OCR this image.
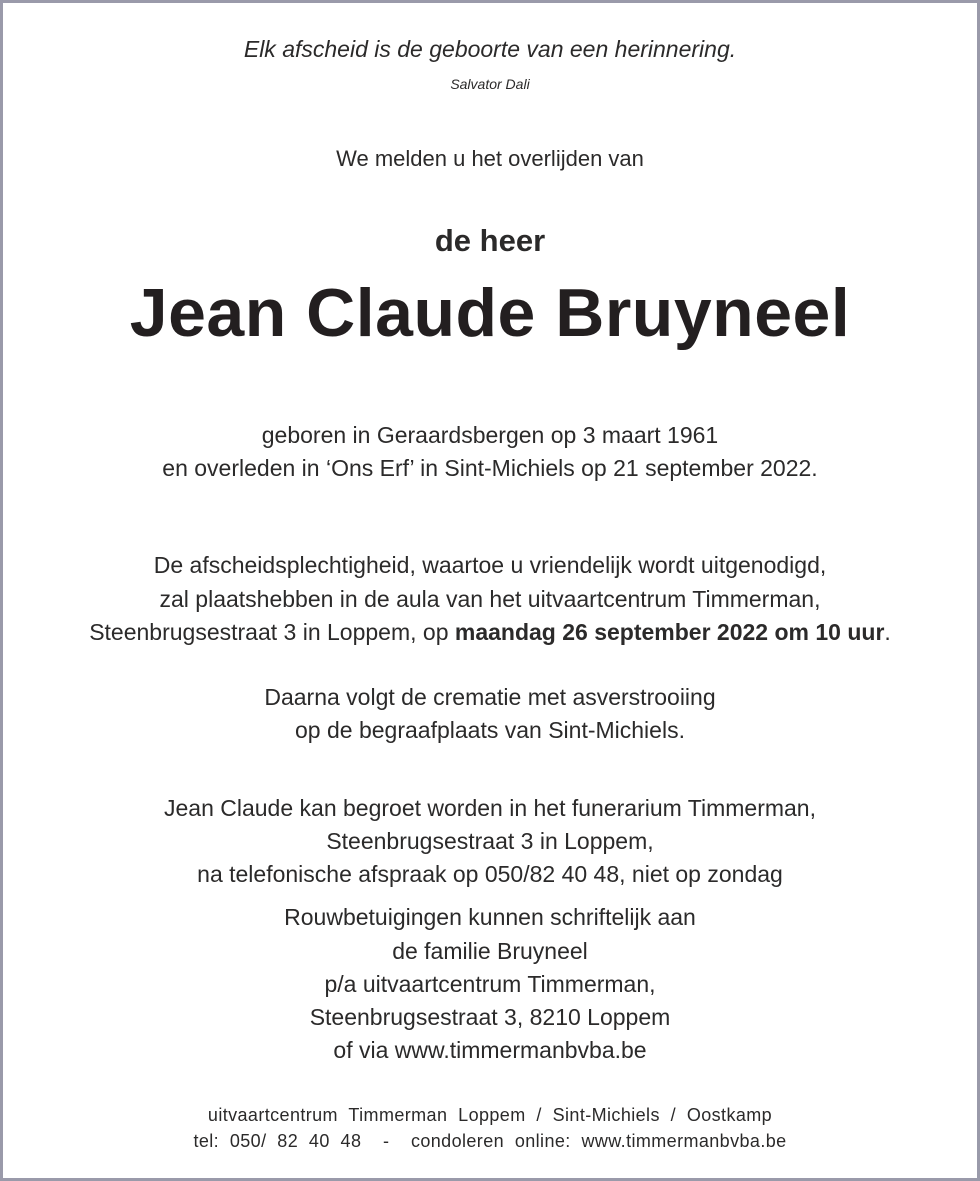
Elk afscheid is de geboorte van een herinnering.
Salvator Dali
We melden u het overlijden van
de heer
Jean Claude Bruyneel
geboren in Geraardsbergen op 3 maart 1961
en overleden in ‘Ons Erf’ in Sint-Michiels op 21 september 2022.
De afscheidsplechtigheid, waartoe u vriendelijk wordt uitgenodigd,
zal plaatshebben in de aula van het uitvaartcentrum Timmerman,
Steenbrugsestraat 3 in Loppem, op maandag 26 september 2022 om 10 uur.
Daarna volgt de crematie met asverstrooiing
op de begraafplaats van Sint-Michiels.
Jean Claude kan begroet worden in het funerarium Timmerman,
Steenbrugsestraat 3 in Loppem,
na telefonische afspraak op 050/82 40 48, niet op zondag
Rouwbetuigingen kunnen schriftelijk aan
de familie Bruyneel
p/a uitvaartcentrum Timmerman,
Steenbrugsestraat 3, 8210 Loppem
of via www.timmermanbvba.be
uitvaartcentrum  Timmerman  Loppem  /  Sint-Michiels  /  Oostkamp
tel:  050/  82  40  48    -    condoleren  online:  www.timmermanbvba.be
